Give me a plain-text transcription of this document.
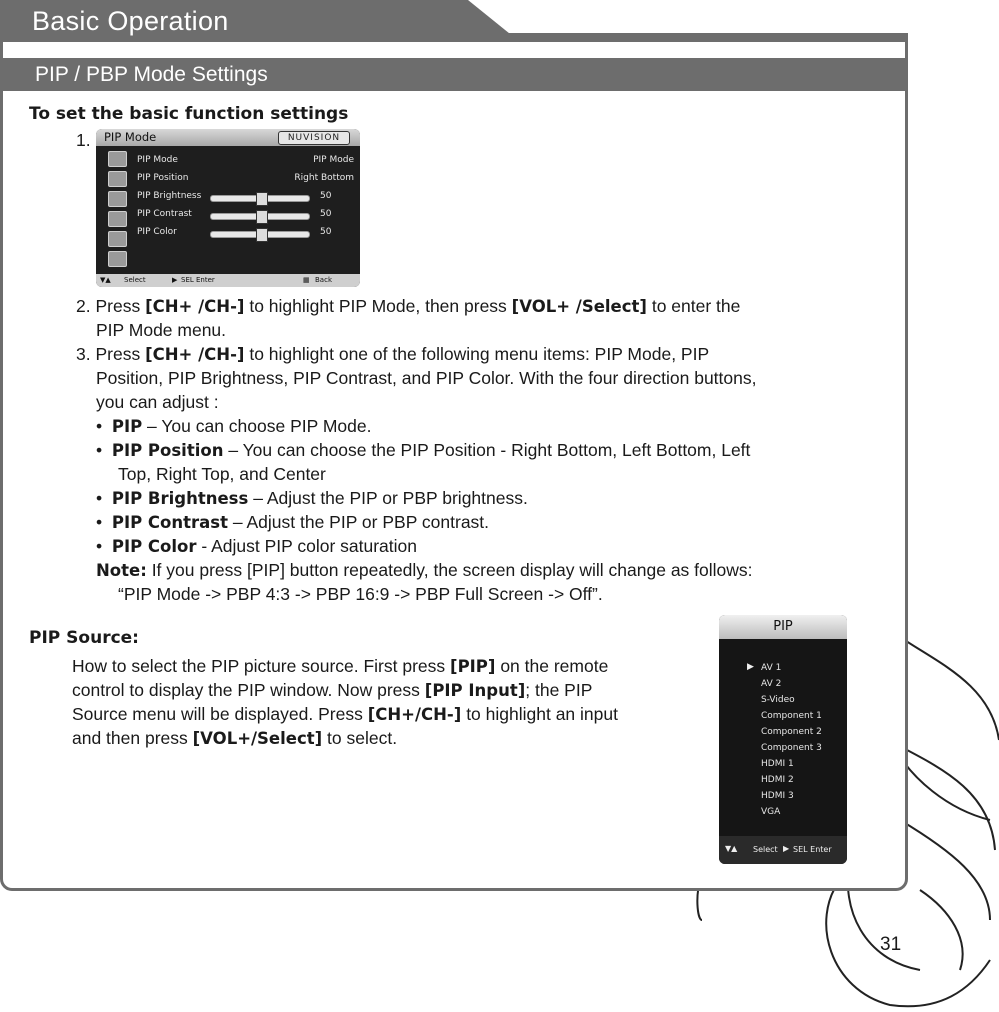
Basic Operation
PIP / PBP Mode Settings
To set the basic function settings
1. PIP Mode	NUVISION
PIP Mode	PIP Mode
PIP Position	Right Bottom
PIP Brightness	50
PIP Contrast	50
PIP Color	50
▼▲ Select	▶ SEL Enter	▦ Back
2. Press [CH+ /CH-] to highlight PIP Mode, then press [VOL+ /Select] to enter the
PIP Mode menu.
3. Press [CH+ /CH-] to highlight one of the following menu items: PIP Mode, PIP
Position, PIP Brightness, PIP Contrast, and PIP Color. With the four direction buttons,
you can adjust :
•  PIP – You can choose PIP Mode.
•  PIP Position – You can choose the PIP Position - Right Bottom, Left Bottom, Left
Top, Right Top, and Center
•  PIP Brightness – Adjust the PIP or PBP brightness.
•  PIP Contrast – Adjust the PIP or PBP contrast.
•  PIP Color - Adjust PIP color saturation
Note: If you press [PIP] button repeatedly, the screen display will change as follows:
“PIP Mode -> PBP 4:3 -> PBP 16:9 -> PBP Full Screen -> Off”.
PIP Source:
How to select the PIP picture source. First press [PIP] on the remote
control to display the PIP window. Now press [PIP Input]; the PIP
Source menu will be displayed. Press [CH+/CH-] to highlight an input
and then press [VOL+/Select] to select.
PIP
▶ AV 1
AV 2
S-Video
Component 1
Component 2
Component 3
HDMI 1
HDMI 2
HDMI 3
VGA
▼▲ Select ▶ SEL Enter
31
